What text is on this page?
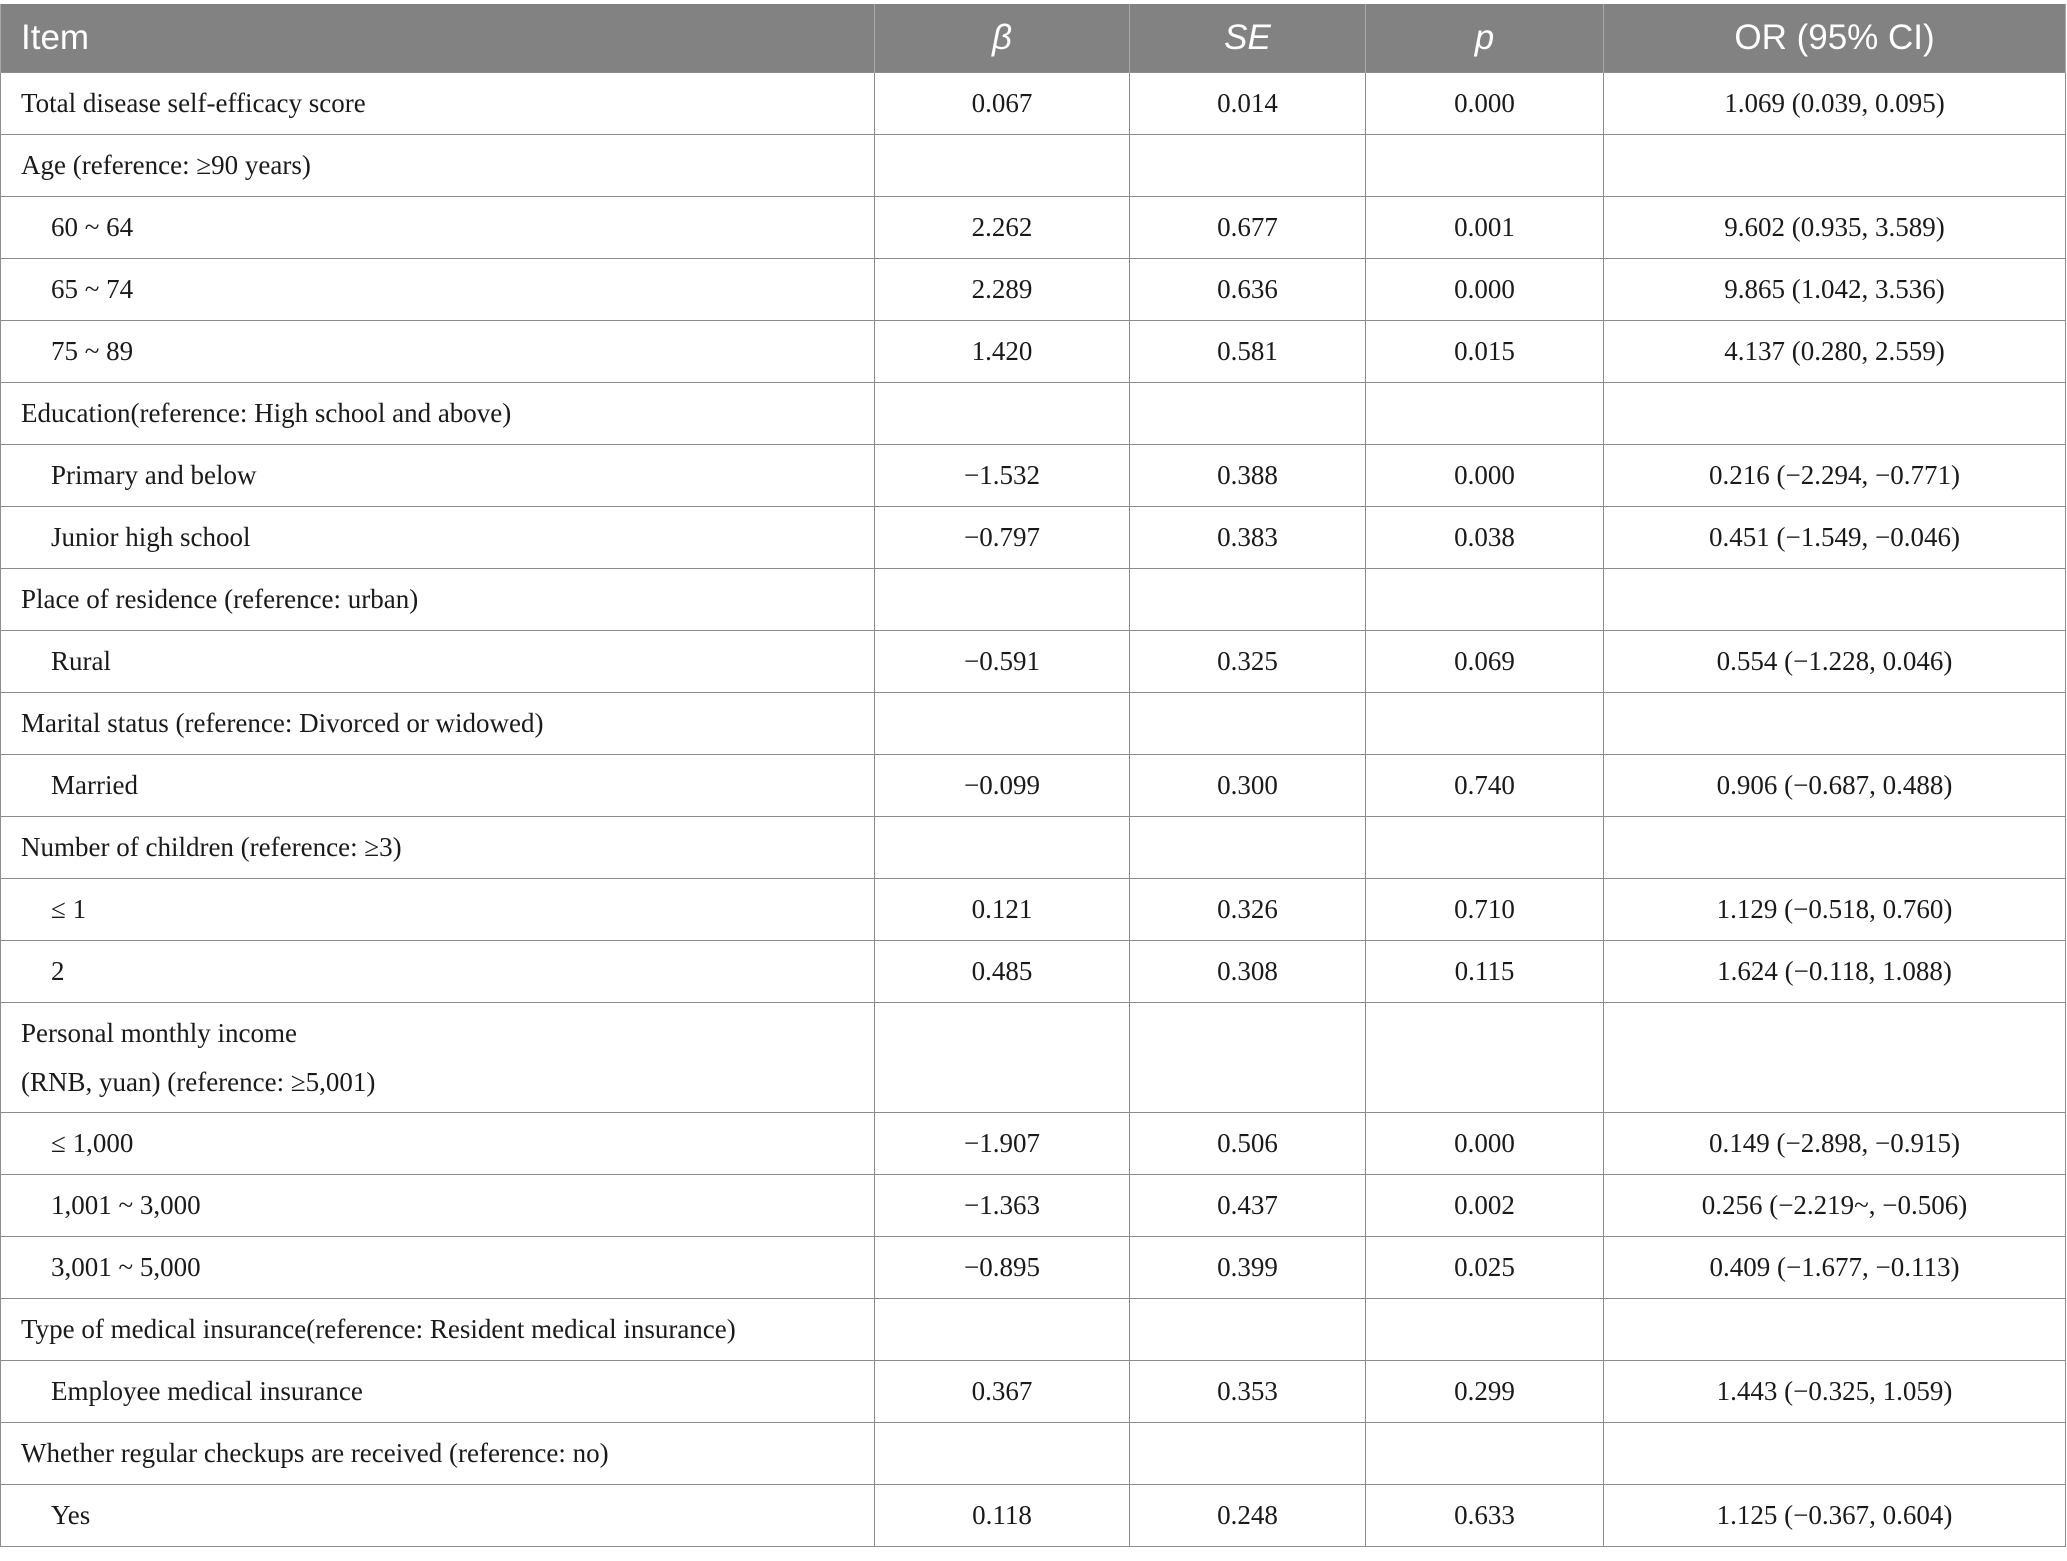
Item	β	SE	p	OR (95% CI)
Total disease self-efficacy score	0.067	0.014	0.000	1.069 (0.039, 0.095)
Age (reference: ≥90 years)				
60 ~ 64	2.262	0.677	0.001	9.602 (0.935, 3.589)
65 ~ 74	2.289	0.636	0.000	9.865 (1.042, 3.536)
75 ~ 89	1.420	0.581	0.015	4.137 (0.280, 2.559)
Education(reference: High school and above)				
Primary and below	−1.532	0.388	0.000	0.216 (−2.294, −0.771)
Junior high school	−0.797	0.383	0.038	0.451 (−1.549, −0.046)
Place of residence (reference: urban)				
Rural	−0.591	0.325	0.069	0.554 (−1.228, 0.046)
Marital status (reference: Divorced or widowed)				
Married	−0.099	0.300	0.740	0.906 (−0.687, 0.488)
Number of children (reference: ≥3)				
≤ 1	0.121	0.326	0.710	1.129 (−0.518, 0.760)
2	0.485	0.308	0.115	1.624 (−0.118, 1.088)
Personal monthly income
(RNB, yuan) (reference: ≥5,001)				
≤ 1,000	−1.907	0.506	0.000	0.149 (−2.898, −0.915)
1,001 ~ 3,000	−1.363	0.437	0.002	0.256 (−2.219~, −0.506)
3,001 ~ 5,000	−0.895	0.399	0.025	0.409 (−1.677, −0.113)
Type of medical insurance(reference: Resident medical insurance)				
Employee medical insurance	0.367	0.353	0.299	1.443 (−0.325, 1.059)
Whether regular checkups are received (reference: no)				
Yes	0.118	0.248	0.633	1.125 (−0.367, 0.604)
